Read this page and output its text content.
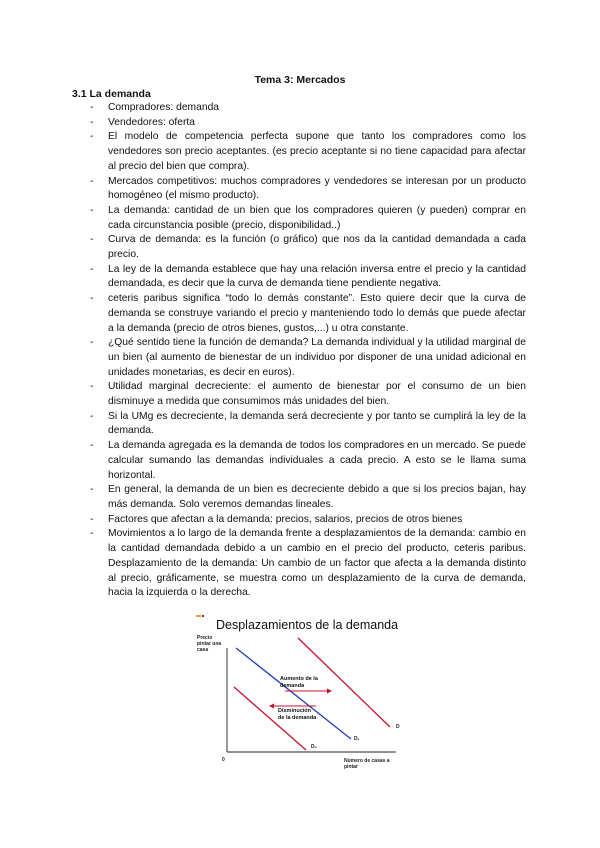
Tema 3: Mercados
3.1 La demanda
- Compradores: demanda
- Vendedores: oferta
- El modelo de competencia perfecta supone que tanto los compradores como los vendedores son precio aceptantes. (es precio aceptante si no tiene capacidad para afectar al precio del bien que compra).
- Mercados competitivos: muchos compradores y vendedores se interesan por un producto homogéneo (el mismo producto).
- La demanda: cantidad de un bien que los compradores quieren (y pueden) comprar en cada circunstancia posible (precio, disponibilidad..)
- Curva de demanda: es la función (o gráfico) que nos da la cantidad demandada a cada precio.
- La ley de la demanda establece que hay una relación inversa entre el precio y la cantidad demandada, es decir que la curva de demanda tiene pendiente negativa.
- ceteris paribus significa “todo lo demás constante”. Esto quiere decir que la curva de demanda se construye variando el precio y manteniendo todo lo demás que puede afectar a la demanda (precio de otros bienes, gustos,...) u otra constante.
- ¿Qué sentido tiene la función de demanda? La demanda individual y la utilidad marginal de un bien (al aumento de bienestar de un individuo por disponer de una unidad adicional en unidades monetarias, es decir en euros).
- Utilidad marginal decreciente: el aumento de bienestar por el consumo de un bien disminuye a medida que consumimos más unidades del bien.
- Si la UMg es decreciente, la demanda será decreciente y por tanto se cumplirá la ley de la demanda.
- La demanda agregada es la demanda de todos los compradores en un mercado. Se puede calcular sumando las demandas individuales a cada precio. A esto se le llama suma horizontal.
- En general, la demanda de un bien es decreciente debido a que si los precios bajan, hay más demanda. Solo veremos demandas lineales.
- Factores que afectan a la demanda: precios, salarios, precios de otros bienes
- Movimientos a lo largo de la demanda frente a desplazamientos de la demanda: cambio en la cantidad demandada debido a un cambio en el precio del producto, ceteris paribus. Desplazamiento de la demanda: Un cambio de un factor que afecta a la demanda distinto al precio, gráficamente, se muestra como un desplazamiento de la curva de demanda, hacia la izquierda o la derecha.
Desplazamientos de la demanda
Precio
pintar una
casa
0	Número de casas a
pintar
D
D₁
D₂
Aumento de la
demanda
Disminución
de la demanda
